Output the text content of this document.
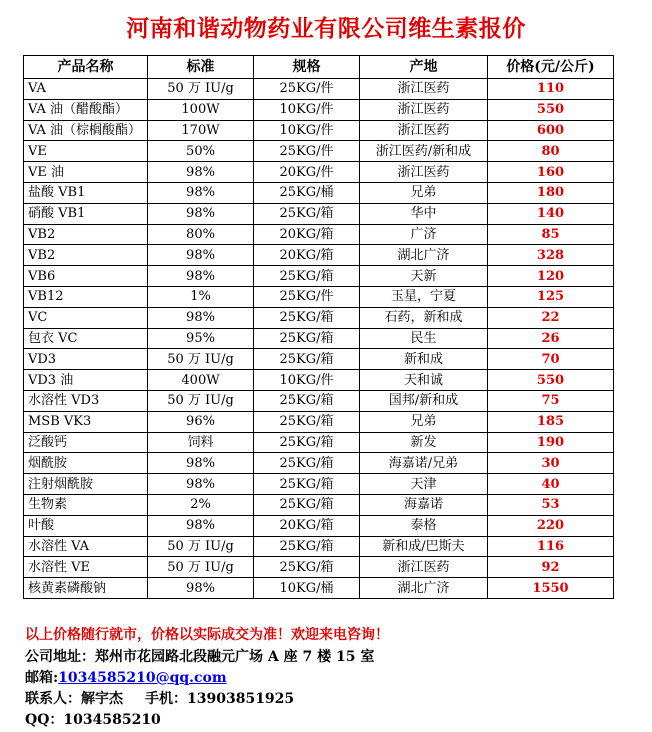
河南和谐动物药业有限公司维生素报价
产品名称	标准	规格	产地	价格(元/公斤)
VA	50 万 IU/g	25KG/件	浙江医药	110
VA 油（醋酸酯）	100W	10KG/件	浙江医药	550
VA 油（棕榈酸酯）	170W	10KG/件	浙江医药	600
VE	50%	25KG/件	浙江医药/新和成	80
VE 油	98%	20KG/件	浙江医药	160
盐酸 VB1	98%	25KG/桶	兄弟	180
硝酸 VB1	98%	25KG/箱	华中	140
VB2	80%	20KG/箱	广济	85
VB2	98%	20KG/箱	湖北广济	328
VB6	98%	25KG/箱	天新	120
VB12	1%	25KG/件	玉星，宁夏	125
VC	98%	25KG/箱	石药，新和成	22
包衣 VC	95%	25KG/箱	民生	26
VD3	50 万 IU/g	25KG/箱	新和成	70
VD3 油	400W	10KG/件	天和诚	550
水溶性 VD3	50 万 IU/g	25KG/箱	国邦/新和成	75
MSB VK3	96%	25KG/箱	兄弟	185
泛酸钙	饲料	25KG/箱	新发	190
烟酰胺	98%	25KG/箱	海嘉诺/兄弟	30
注射烟酰胺	98%	25KG/箱	天津	40
生物素	2%	25KG/箱	海嘉诺	53
叶酸	98%	20KG/箱	泰格	220
水溶性 VA	50 万 IU/g	25KG/箱	新和成/巴斯夫	116
水溶性 VE	50 万 IU/g	25KG/箱	浙江医药	92
核黄素磷酸钠	98%	10KG/桶	湖北广济	1550
以上价格随行就市，价格以实际成交为准！欢迎来电咨询！
公司地址：郑州市花园路北段融元广场 A 座 7 楼 15 室
邮箱:1034585210@qq.com
联系人：解宇杰 手机：13903851925
QQ：1034585210
